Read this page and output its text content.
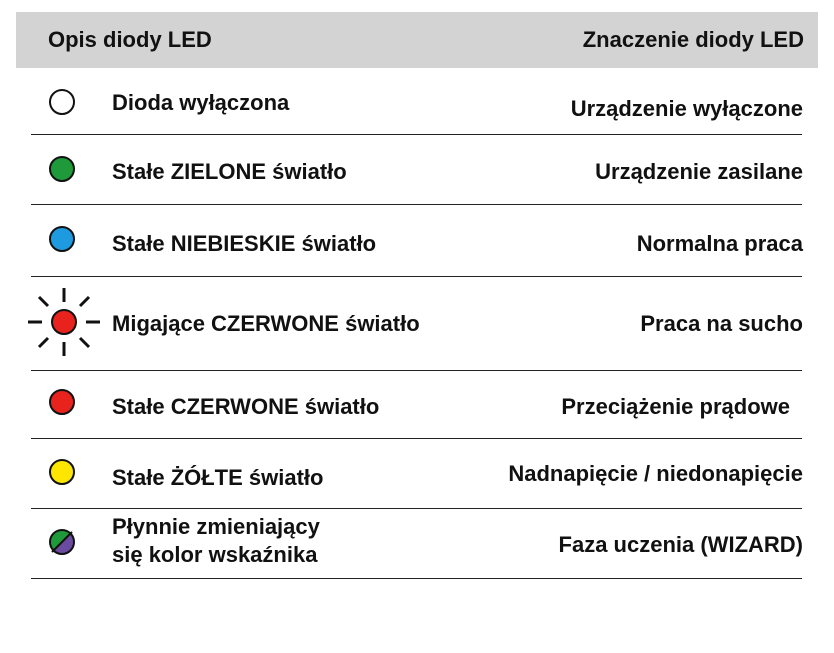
Opis diody LED	Znaczenie diody LED
Dioda wyłączona	Urządzenie wyłączone
Stałe ZIELONE światło	Urządzenie zasilane
Stałe NIEBIESKIE światło	Normalna praca
Migające CZERWONE światło	Praca na sucho
Stałe CZERWONE światło	Przeciążenie prądowe
Stałe ŻÓŁTE światło	Nadnapięcie / niedonapięcie
Płynnie zmieniający
się kolor wskaźnika	Faza uczenia (WIZARD)
